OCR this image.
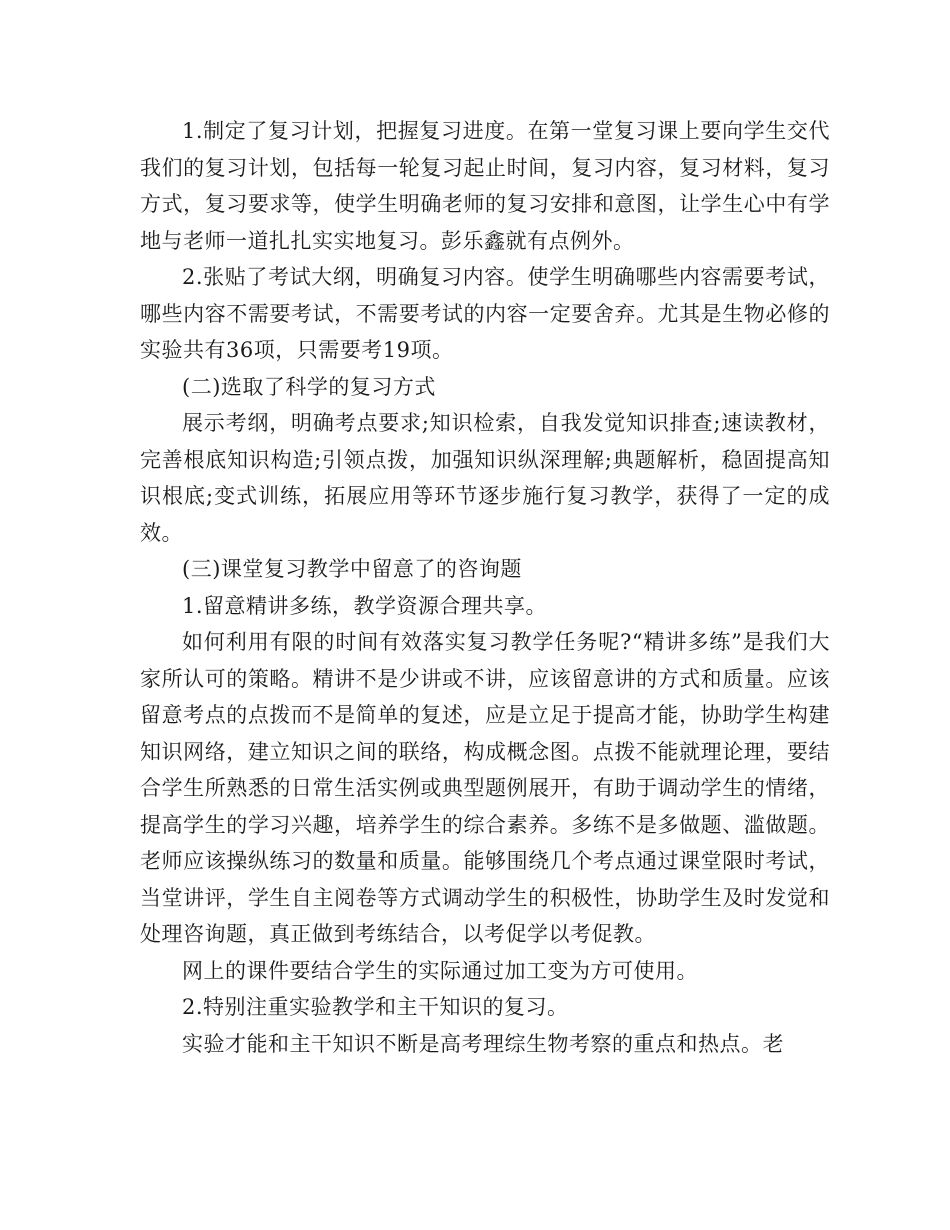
1.制定了复习计划，把握复习进度。在第一堂复习课上要向学生交代我们的复习计划，包括每一轮复习起止时间，复习内容，复习材料，复习方式，复习要求等，使学生明确老师的复习安排和意图，让学生心中有学地与老师一道扎扎实实地复习。彭乐鑫就有点例外。

2.张贴了考试大纲，明确复习内容。使学生明确哪些内容需要考试，哪些内容不需要考试，不需要考试的内容一定要舍弃。尤其是生物必修的实验共有36项，只需要考19项。

(二)选取了科学的复习方式

展示考纲，明确考点要求;知识检索，自我发觉知识排查;速读教材，完善根底知识构造;引领点拨，加强知识纵深理解;典题解析，稳固提高知识根底;变式训练，拓展应用等环节逐步施行复习教学，获得了一定的成效。

(三)课堂复习教学中留意了的咨询题

1.留意精讲多练，教学资源合理共享。

如何利用有限的时间有效落实复习教学任务呢?“精讲多练”是我们大家所认可的策略。精讲不是少讲或不讲，应该留意讲的方式和质量。应该留意考点的点拨而不是简单的复述，应是立足于提高才能，协助学生构建知识网络，建立知识之间的联络，构成概念图。点拨不能就理论理，要结合学生所熟悉的日常生活实例或典型题例展开，有助于调动学生的情绪，提高学生的学习兴趣，培养学生的综合素养。多练不是多做题、滥做题。老师应该操纵练习的数量和质量。能够围绕几个考点通过课堂限时考试，当堂讲评，学生自主阅卷等方式调动学生的积极性，协助学生及时发觉和处理咨询题，真正做到考练结合，以考促学以考促教。

网上的课件要结合学生的实际通过加工变为方可使用。

2.特别注重实验教学和主干知识的复习。

实验才能和主干知识不断是高考理综生物考察的重点和热点。老
